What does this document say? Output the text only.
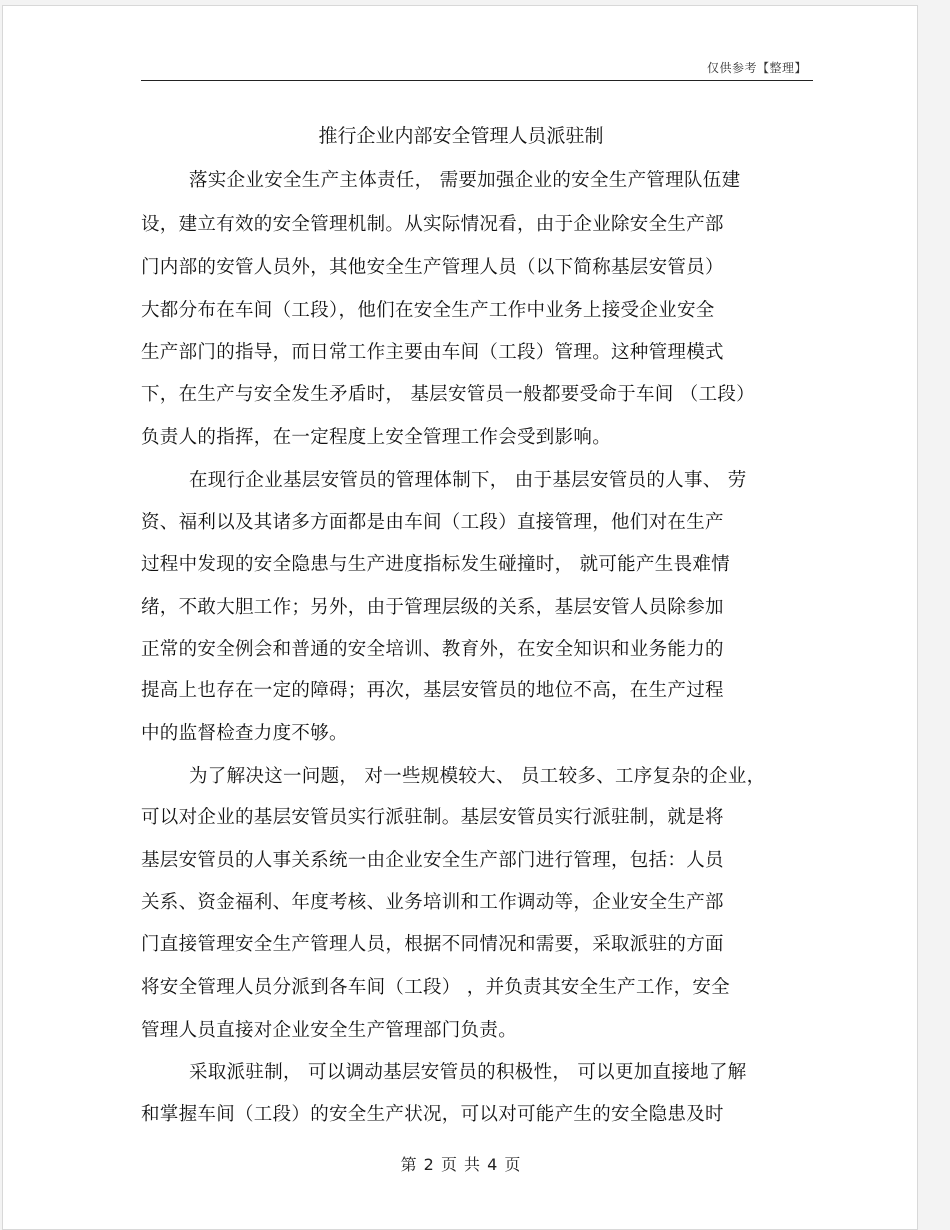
仅供参考【整理】
推行企业内部安全管理人员派驻制
落实企业安全生产主体责任， 需要加强企业的安全生产管理队伍建
设，建立有效的安全管理机制。从实际情况看，由于企业除安全生产部
门内部的安管人员外，其他安全生产管理人员（以下简称基层安管员）
大都分布在车间（工段），他们在安全生产工作中业务上接受企业安全
生产部门的指导，而日常工作主要由车间（工段）管理。这种管理模式
下，在生产与安全发生矛盾时， 基层安管员一般都要受命于车间 （工段）
负责人的指挥，在一定程度上安全管理工作会受到影响。
在现行企业基层安管员的管理体制下， 由于基层安管员的人事、 劳
资、福利以及其诸多方面都是由车间（工段）直接管理，他们对在生产
过程中发现的安全隐患与生产进度指标发生碰撞时， 就可能产生畏难情
绪，不敢大胆工作；另外，由于管理层级的关系，基层安管人员除参加
正常的安全例会和普通的安全培训、教育外，在安全知识和业务能力的
提高上也存在一定的障碍；再次，基层安管员的地位不高，在生产过程
中的监督检查力度不够。
为了解决这一问题， 对一些规模较大、 员工较多、工序复杂的企业，
可以对企业的基层安管员实行派驻制。基层安管员实行派驻制，就是将
基层安管员的人事关系统一由企业安全生产部门进行管理，包括：人员
关系、资金福利、年度考核、业务培训和工作调动等，企业安全生产部
门直接管理安全生产管理人员，根据不同情况和需要，采取派驻的方面
将安全管理人员分派到各车间（工段） ，并负责其安全生产工作，安全
管理人员直接对企业安全生产管理部门负责。
采取派驻制， 可以调动基层安管员的积极性， 可以更加直接地了解
和掌握车间（工段）的安全生产状况，可以对可能产生的安全隐患及时
第 2 页 共 4 页
